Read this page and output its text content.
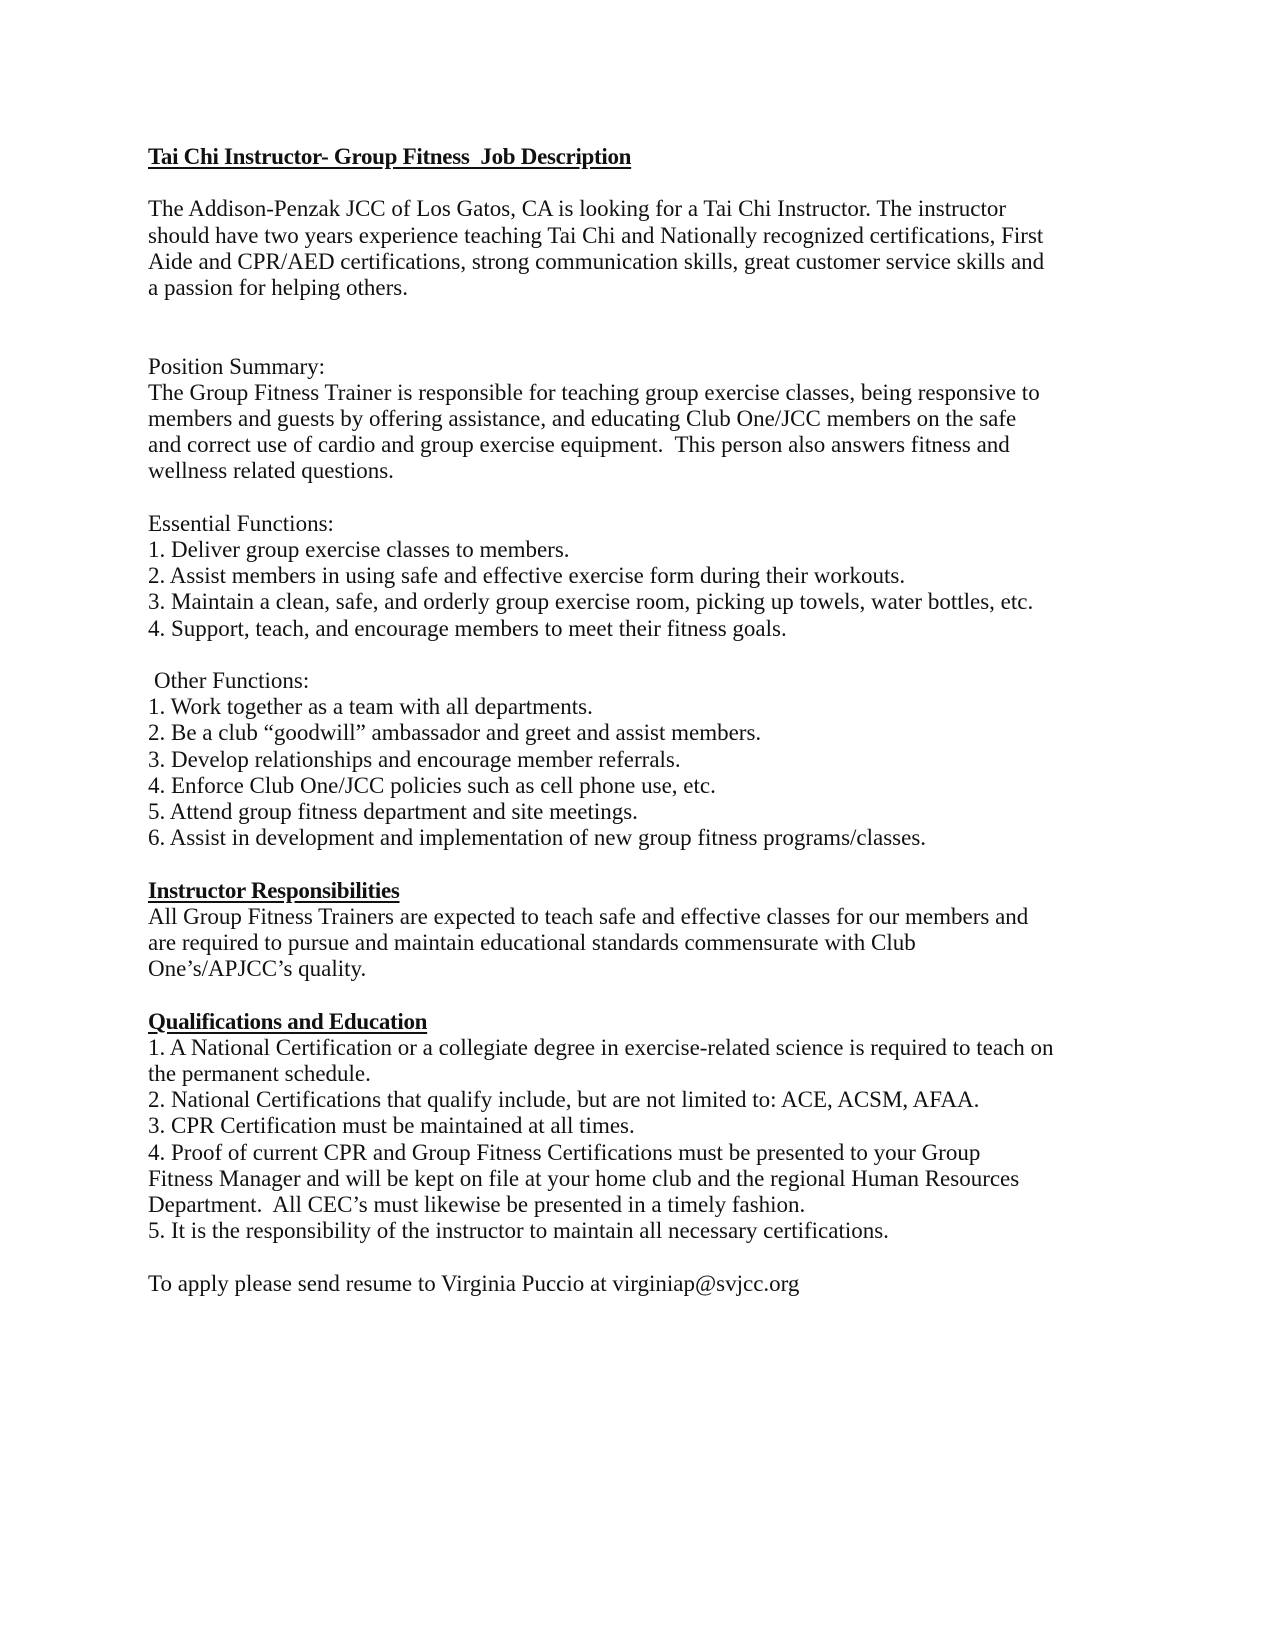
Tai Chi Instructor- Group Fitness  Job Description
The Addison-Penzak JCC of Los Gatos, CA is looking for a Tai Chi Instructor. The instructor
should have two years experience teaching Tai Chi and Nationally recognized certifications, First
Aide and CPR/AED certifications, strong communication skills, great customer service skills and
a passion for helping others.
Position Summary:
The Group Fitness Trainer is responsible for teaching group exercise classes, being responsive to
members and guests by offering assistance, and educating Club One/JCC members on the safe
and correct use of cardio and group exercise equipment.  This person also answers fitness and
wellness related questions.
Essential Functions:
1. Deliver group exercise classes to members.
2. Assist members in using safe and effective exercise form during their workouts.
3. Maintain a clean, safe, and orderly group exercise room, picking up towels, water bottles, etc.
4. Support, teach, and encourage members to meet their fitness goals.
Other Functions:
1. Work together as a team with all departments.
2. Be a club “goodwill” ambassador and greet and assist members.
3. Develop relationships and encourage member referrals.
4. Enforce Club One/JCC policies such as cell phone use, etc.
5. Attend group fitness department and site meetings.
6. Assist in development and implementation of new group fitness programs/classes.
Instructor Responsibilities
All Group Fitness Trainers are expected to teach safe and effective classes for our members and
are required to pursue and maintain educational standards commensurate with Club
One’s/APJCC’s quality.
Qualifications and Education
1. A National Certification or a collegiate degree in exercise-related science is required to teach on
the permanent schedule.
2. National Certifications that qualify include, but are not limited to: ACE, ACSM, AFAA.
3. CPR Certification must be maintained at all times.
4. Proof of current CPR and Group Fitness Certifications must be presented to your Group
Fitness Manager and will be kept on file at your home club and the regional Human Resources
Department.  All CEC’s must likewise be presented in a timely fashion.
5. It is the responsibility of the instructor to maintain all necessary certifications.
To apply please send resume to Virginia Puccio at virginiap@svjcc.org
